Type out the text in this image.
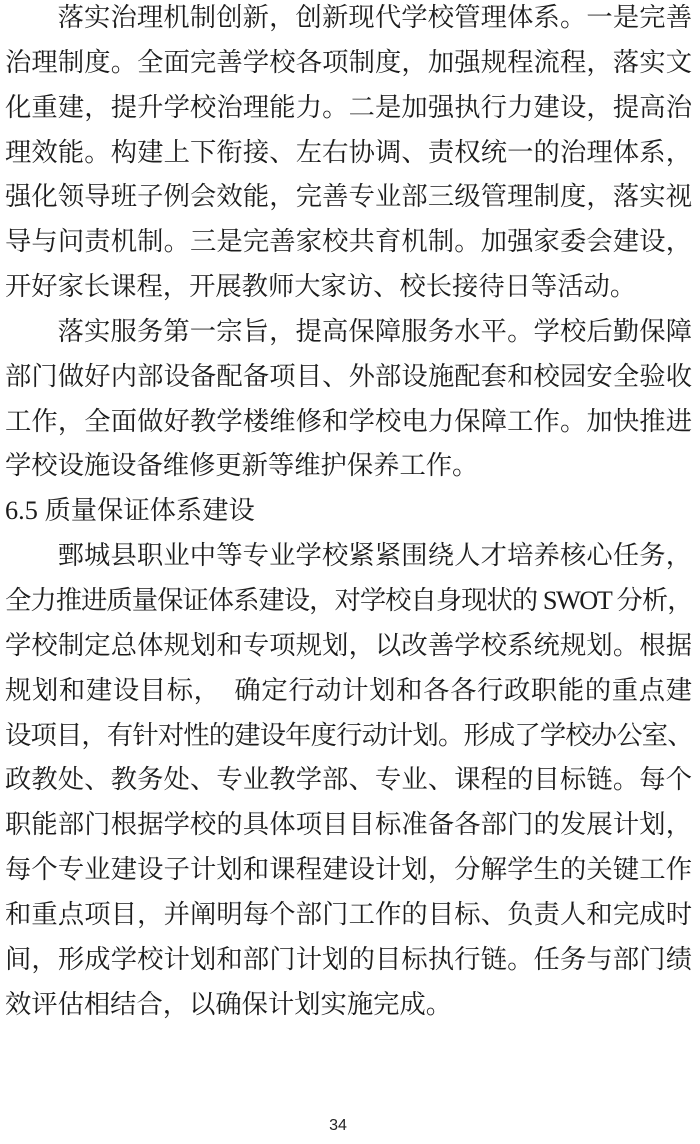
落实治理机制创新，创新现代学校管理体系。一是完善
治理制度。全面完善学校各项制度，加强规程流程，落实文
化重建，提升学校治理能力。二是加强执行力建设，提高治
理效能。构建上下衔接、左右协调、责权统一的治理体系，
强化领导班子例会效能，完善专业部三级管理制度，落实视
导与问责机制。三是完善家校共育机制。加强家委会建设，
开好家长课程，开展教师大家访、校长接待日等活动。
落实服务第一宗旨，提高保障服务水平。学校后勤保障
部门做好内部设备配备项目、外部设施配套和校园安全验收
工作，全面做好教学楼维修和学校电力保障工作。加快推进
学校设施设备维修更新等维护保养工作。
6.5 质量保证体系建设
鄄城县职业中等专业学校紧紧围绕人才培养核心任务，
全力推进质量保证体系建设，对学校自身现状的 SWOT 分析，
学校制定总体规划和专项规划，以改善学校系统规划。根据
规划和建设目标，　确定行动计划和各各行政职能的重点建
设项目，有针对性的建设年度行动计划。形成了学校办公室、
政教处、教务处、专业教学部、专业、课程的目标链。每个
职能部门根据学校的具体项目目标准备各部门的发展计划，
每个专业建设子计划和课程建设计划，分解学生的关键工作
和重点项目，并阐明每个部门工作的目标、负责人和完成时
间，形成学校计划和部门计划的目标执行链。任务与部门绩
效评估相结合，以确保计划实施完成。
34
